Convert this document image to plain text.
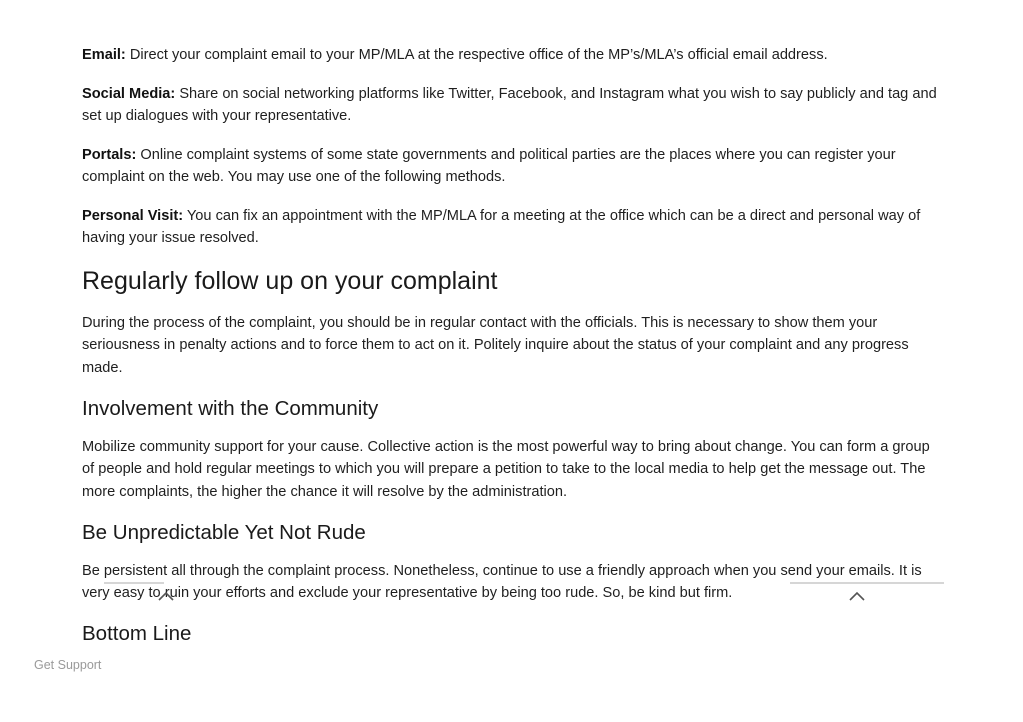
Email: Direct your complaint email to your MP/MLA at the respective office of the MP’s/MLA’s official email address.

Social Media: Share on social networking platforms like Twitter, Facebook, and Instagram what you wish to say publicly and tag and set up dialogues with your representative.

Portals: Online complaint systems of some state governments and political parties are the places where you can register your complaint on the web. You may use one of the following methods.

Personal Visit: You can fix an appointment with the MP/MLA for a meeting at the office which can be a direct and personal way of having your issue resolved.

Regularly follow up on your complaint

During the process of the complaint, you should be in regular contact with the officials. This is necessary to show them your seriousness in penalty actions and to force them to act on it. Politely inquire about the status of your complaint and any progress made.

Involvement with the Community

Mobilize community support for your cause. Collective action is the most powerful way to bring about change. You can form a group of people and hold regular meetings to which you will prepare a petition to take to the local media to help get the message out. The more complaints, the higher the chance it will resolve by the administration.

Be Unpredictable Yet Not Rude

Be persistent all through the complaint process. Nonetheless, continue to use a friendly approach when you send your emails. It is very easy to ruin your efforts and exclude your representative by being too rude. So, be kind but firm.

Bottom Line
Get Support
